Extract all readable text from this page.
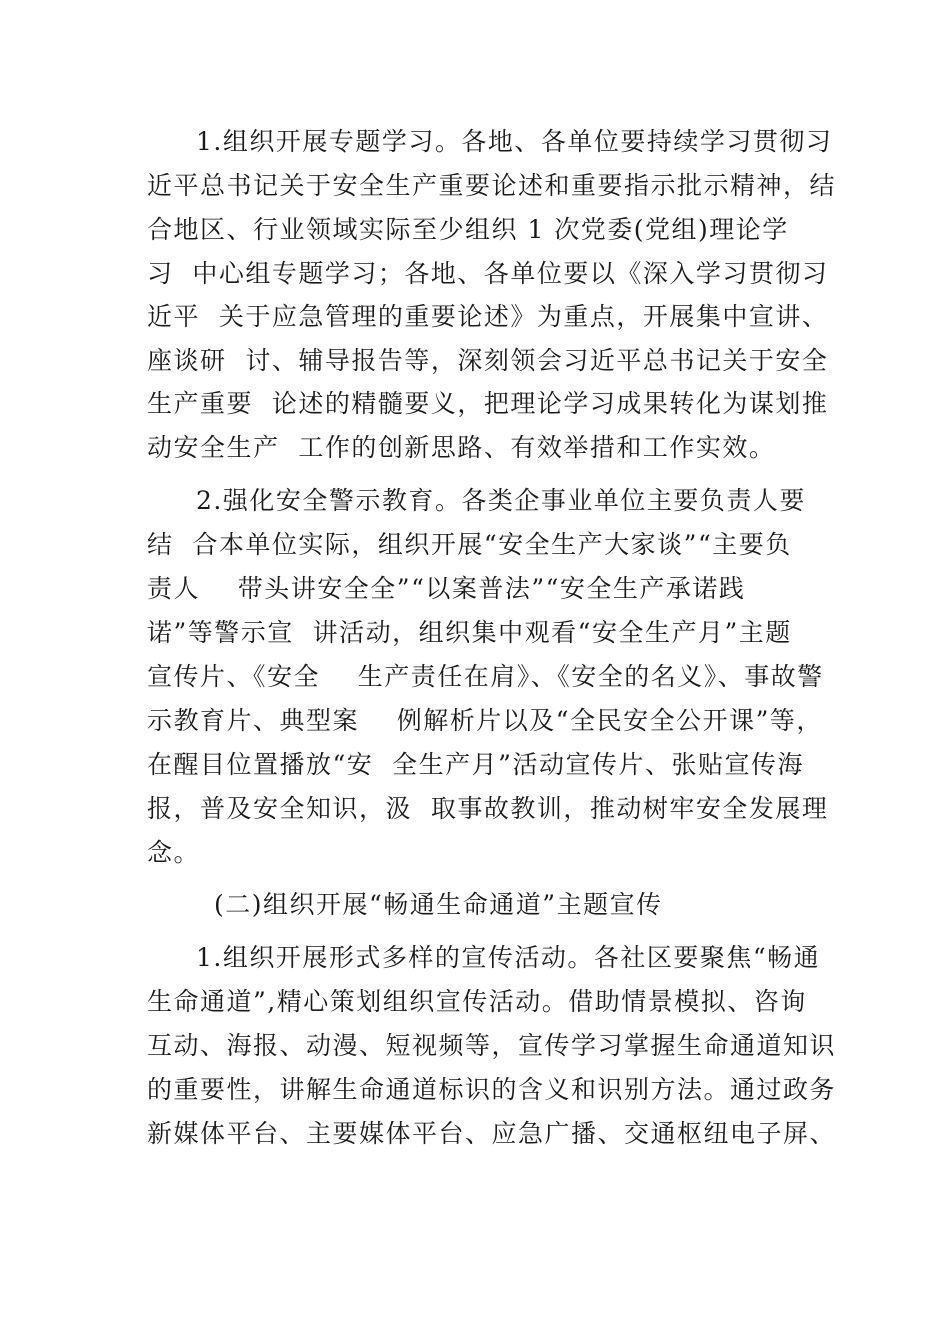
1.组织开展专题学习。各地、各单位要持续学习贯彻习
近平总书记关于安全生产重要论述和重要指示批示精神，结
合地区、行业领域实际至少组织 1 次党委(党组)理论学
习  中心组专题学习；各地、各单位要以《深入学习贯彻习
近平  关于应急管理的重要论述》为重点，开展集中宣讲、
座谈研  讨、辅导报告等，深刻领会习近平总书记关于安全
生产重要  论述的精髓要义，把理论学习成果转化为谋划推
动安全生产  工作的创新思路、有效举措和工作实效。
2.强化安全警示教育。各类企事业单位主要负责人要
结  合本单位实际，组织开展“安全生产大家谈”“主要负
责人    带头讲安全全”“以案普法”“安全生产承诺践
诺”等警示宣  讲活动，组织集中观看“安全生产月”主题
宣传片、《安全    生产责任在肩》、《安全的名义》、事故警
示教育片、典型案    例解析片以及“全民安全公开课”等，
在醒目位置播放“安  全生产月”活动宣传片、张贴宣传海
报，普及安全知识，汲  取事故教训，推动树牢安全发展理
念。
(二)组织开展“畅通生命通道”主题宣传
1.组织开展形式多样的宣传活动。各社区要聚焦“畅通
生命通道”,精心策划组织宣传活动。借助情景模拟、咨询
互动、海报、动漫、短视频等，宣传学习掌握生命通道知识
的重要性，讲解生命通道标识的含义和识别方法。通过政务
新媒体平台、主要媒体平台、应急广播、交通枢纽电子屏、
